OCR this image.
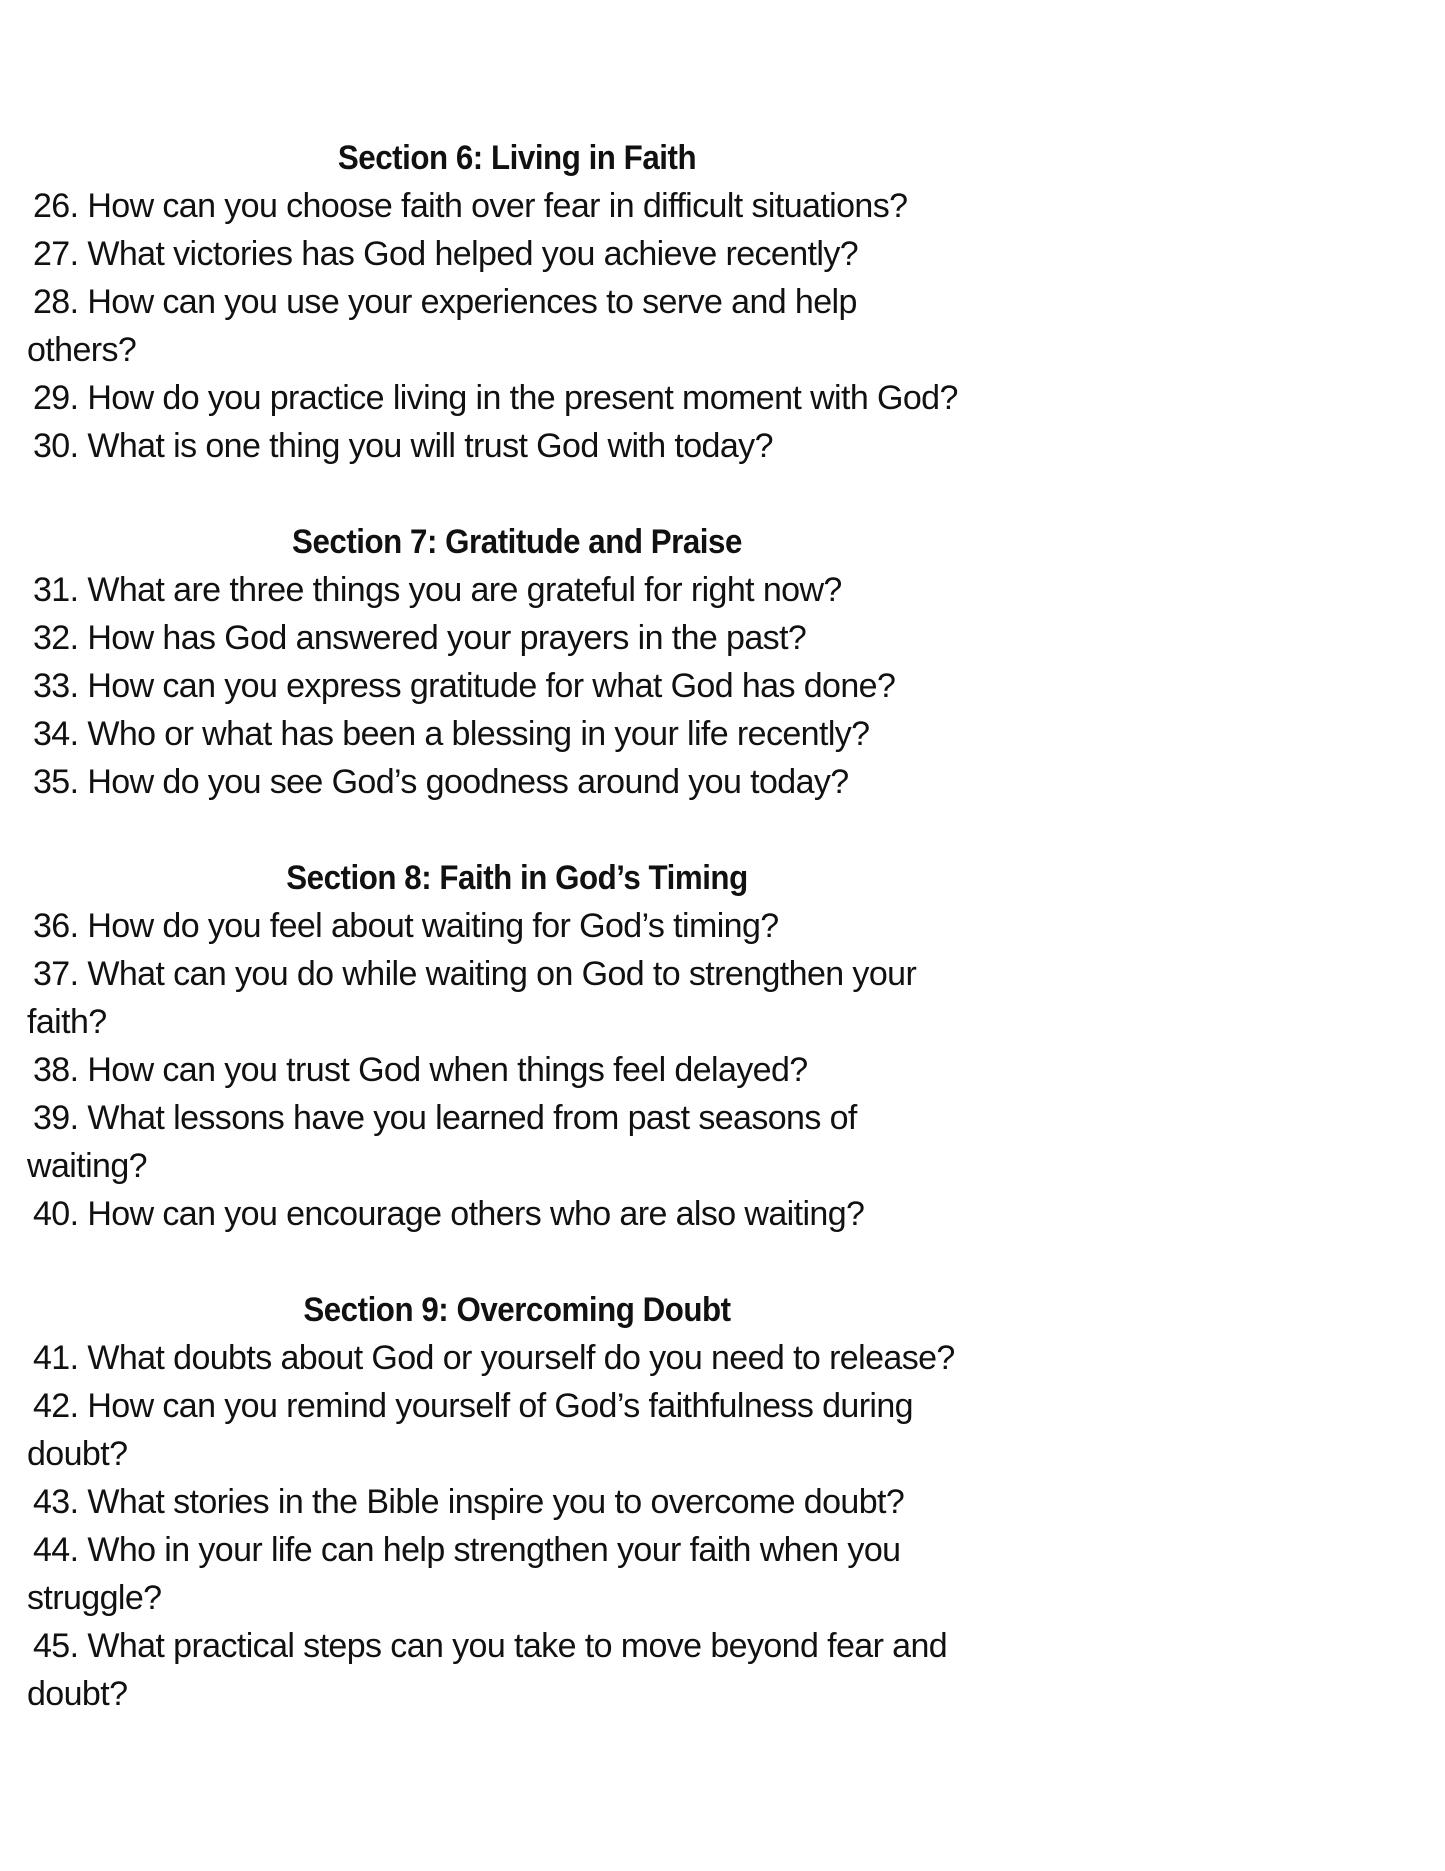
Section 6: Living in Faith
26. How can you choose faith over fear in difficult situations?
27. What victories has God helped you achieve recently?
28. How can you use your experiences to serve and help
others?
29. How do you practice living in the present moment with God?
30. What is one thing you will trust God with today?
Section 7: Gratitude and Praise
31. What are three things you are grateful for right now?
32. How has God answered your prayers in the past?
33. How can you express gratitude for what God has done?
34. Who or what has been a blessing in your life recently?
35. How do you see God’s goodness around you today?
Section 8: Faith in God’s Timing
36. How do you feel about waiting for God’s timing?
37. What can you do while waiting on God to strengthen your
faith?
38. How can you trust God when things feel delayed?
39. What lessons have you learned from past seasons of
waiting?
40. How can you encourage others who are also waiting?
Section 9: Overcoming Doubt
41. What doubts about God or yourself do you need to release?
42. How can you remind yourself of God’s faithfulness during
doubt?
43. What stories in the Bible inspire you to overcome doubt?
44. Who in your life can help strengthen your faith when you
struggle?
45. What practical steps can you take to move beyond fear and
doubt?
